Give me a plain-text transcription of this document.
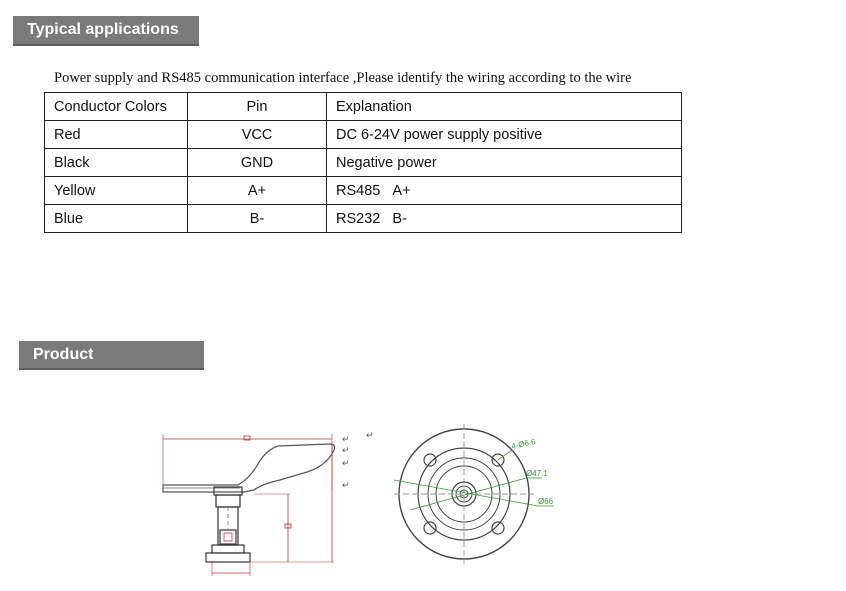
Typical applications
Power supply and RS485 communication interface ,Please identify the wiring according to the wire
Conductor Colors	Pin	Explanation
Red	VCC	DC 6-24V power supply positive
Black	GND	Negative power
Yellow	A+	RS485   A+
Blue	B-	RS232   B-
Product Dimensions
↵
↵
↵
↵
↵
4-Ø6.6
Ø47.1
Ø66
